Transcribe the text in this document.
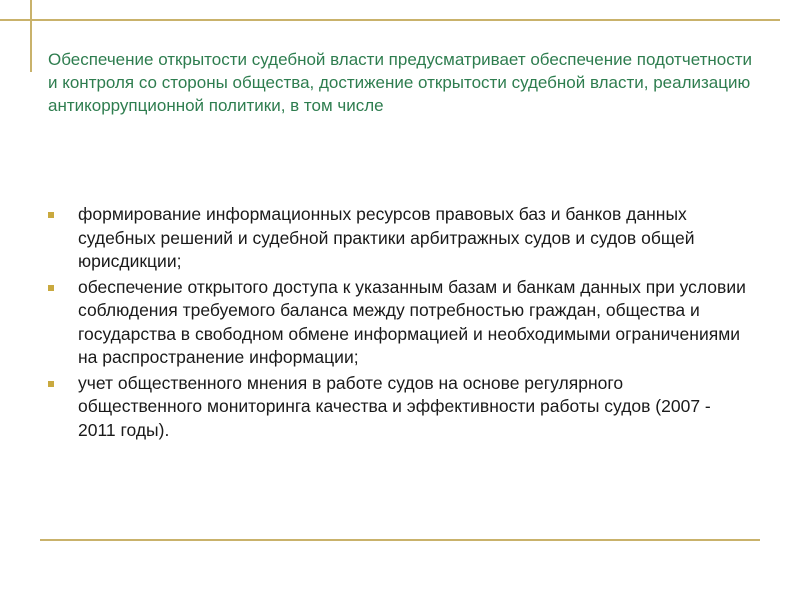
Обеспечение открытости судебной власти предусматривает обеспечение подотчетности и контроля со стороны общества, достижение открытости судебной власти, реализацию антикоррупционной политики, в том числе
формирование информационных ресурсов правовых баз и банков данных судебных решений и судебной практики арбитражных судов и судов общей юрисдикции;
обеспечение открытого доступа к указанным базам и банкам данных при условии соблюдения требуемого баланса между потребностью граждан, общества и государства в свободном обмене информацией и необходимыми ограничениями на распространение информации;
учет общественного мнения в работе судов на основе регулярного общественного мониторинга качества и эффективности работы судов (2007 - 2011 годы).
